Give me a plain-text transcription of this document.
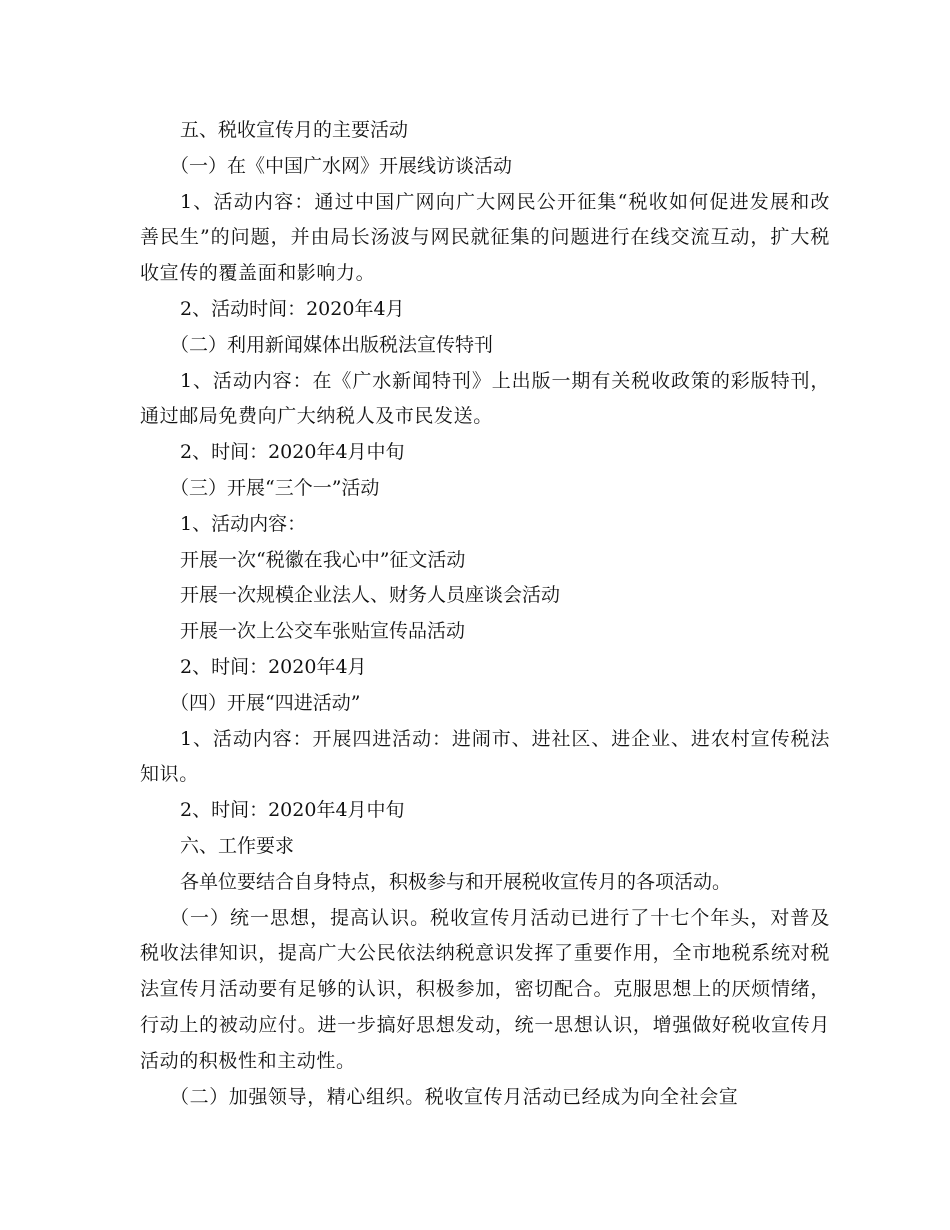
五、税收宣传月的主要活动

（一）在《中国广水网》开展线访谈活动

1、活动内容：通过中国广网向广大网民公开征集“税收如何促进发展和改善民生”的问题，并由局长汤波与网民就征集的问题进行在线交流互动，扩大税收宣传的覆盖面和影响力。

2、活动时间：2020年4月

（二）利用新闻媒体出版税法宣传特刊

1、活动内容：在《广水新闻特刊》上出版一期有关税收政策的彩版特刊，通过邮局免费向广大纳税人及市民发送。

2、时间：2020年4月中旬

（三）开展“三个一”活动

1、活动内容：

开展一次“税徽在我心中”征文活动

开展一次规模企业法人、财务人员座谈会活动

开展一次上公交车张贴宣传品活动

2、时间：2020年4月

（四）开展“四进活动”

1、活动内容：开展四进活动：进闹市、进社区、进企业、进农村宣传税法知识。

2、时间：2020年4月中旬

六、工作要求

各单位要结合自身特点，积极参与和开展税收宣传月的各项活动。

（一）统一思想，提高认识。税收宣传月活动已进行了十七个年头，对普及税收法律知识，提高广大公民依法纳税意识发挥了重要作用，全市地税系统对税法宣传月活动要有足够的认识，积极参加，密切配合。克服思想上的厌烦情绪，行动上的被动应付。进一步搞好思想发动，统一思想认识，增强做好税收宣传月活动的积极性和主动性。

（二）加强领导，精心组织。税收宣传月活动已经成为向全社会宣
